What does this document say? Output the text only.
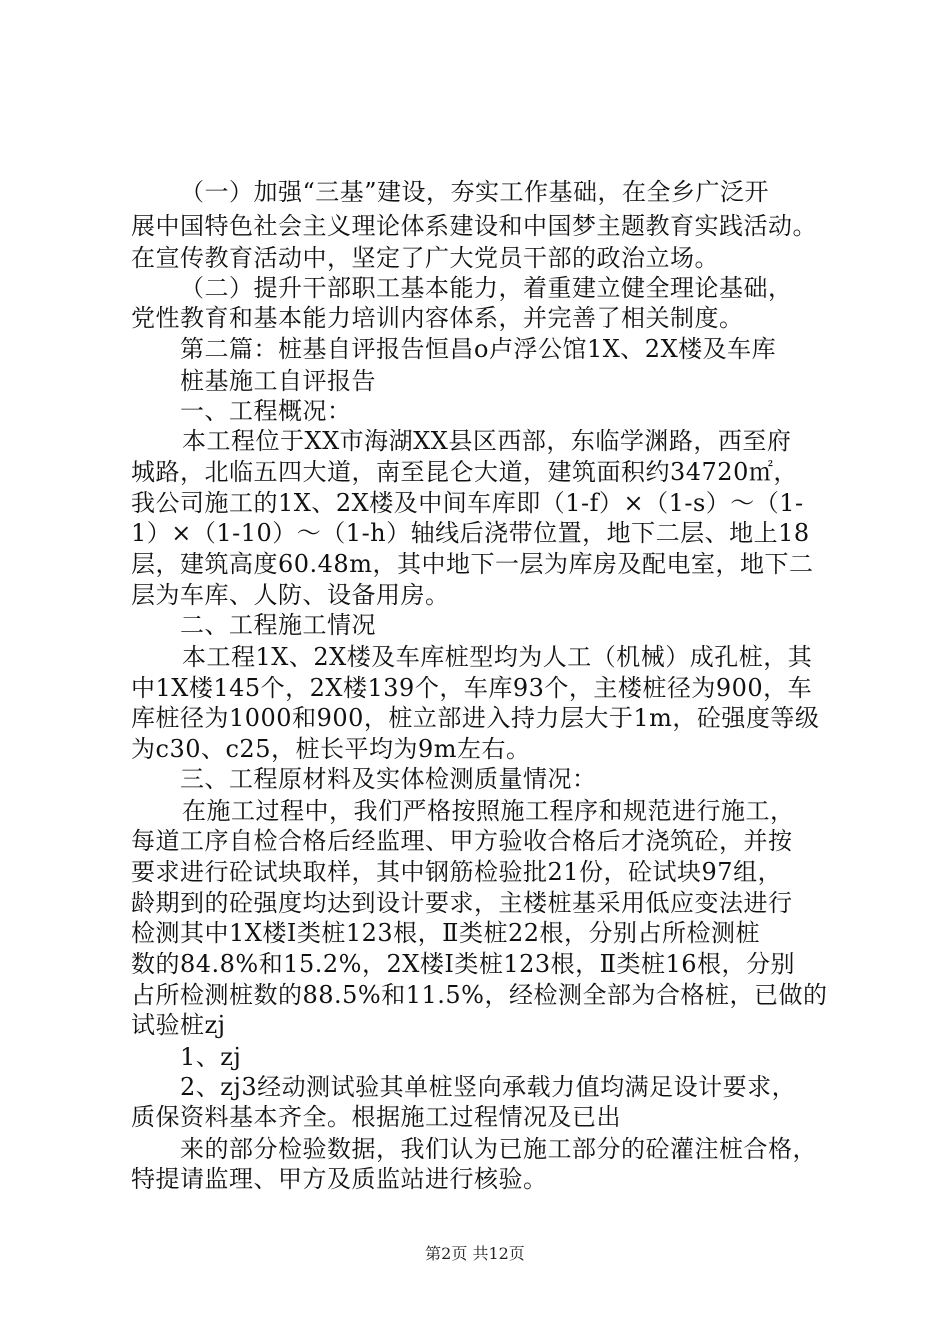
（一）加强“三基”建设，夯实工作基础，在全乡广泛开
展中国特色社会主义理论体系建设和中国梦主题教育实践活动。
在宣传教育活动中，坚定了广大党员干部的政治立场。
（二）提升干部职工基本能力，着重建立健全理论基础，
党性教育和基本能力培训内容体系，并完善了相关制度。
第二篇：桩基自评报告恒昌ο卢浮公馆1X、2X楼及车库
桩基施工自评报告
一、工程概况：
本工程位于XX市海湖XX县区西部，东临学渊路，西至府
城路，北临五四大道，南至昆仑大道，建筑面积约34720㎡，
我公司施工的1X、2X楼及中间车库即（1-f）×（1-s）～（1-
1）×（1-10）～（1-h）轴线后浇带位置，地下二层、地上18
层，建筑高度60.48m，其中地下一层为库房及配电室，地下二
层为车库、人防、设备用房。
二、工程施工情况
本工程1X、2X楼及车库桩型均为人工（机械）成孔桩，其
中1X楼145个，2X楼139个，车库93个，主楼桩径为900，车
库桩径为1000和900，桩立部进入持力层大于1m，砼强度等级
为c30、c25，桩长平均为9m左右。
三、工程原材料及实体检测质量情况：
在施工过程中，我们严格按照施工程序和规范进行施工，
每道工序自检合格后经监理、甲方验收合格后才浇筑砼，并按
要求进行砼试块取样，其中钢筋检验批21份，砼试块97组，
龄期到的砼强度均达到设计要求，主楼桩基采用低应变法进行
检测其中1X楼Ⅰ类桩123根，Ⅱ类桩22根，分别占所检测桩
数的84.8%和15.2%，2X楼Ⅰ类桩123根，Ⅱ类桩16根，分别
占所检测桩数的88.5%和11.5%，经检测全部为合格桩，已做的
试验桩zj
1、zj
2、zj3经动测试验其单桩竖向承载力值均满足设计要求，
质保资料基本齐全。根据施工过程情况及已出
来的部分检验数据，我们认为已施工部分的砼灌注桩合格，
特提请监理、甲方及质监站进行核验。
第2页 共12页
